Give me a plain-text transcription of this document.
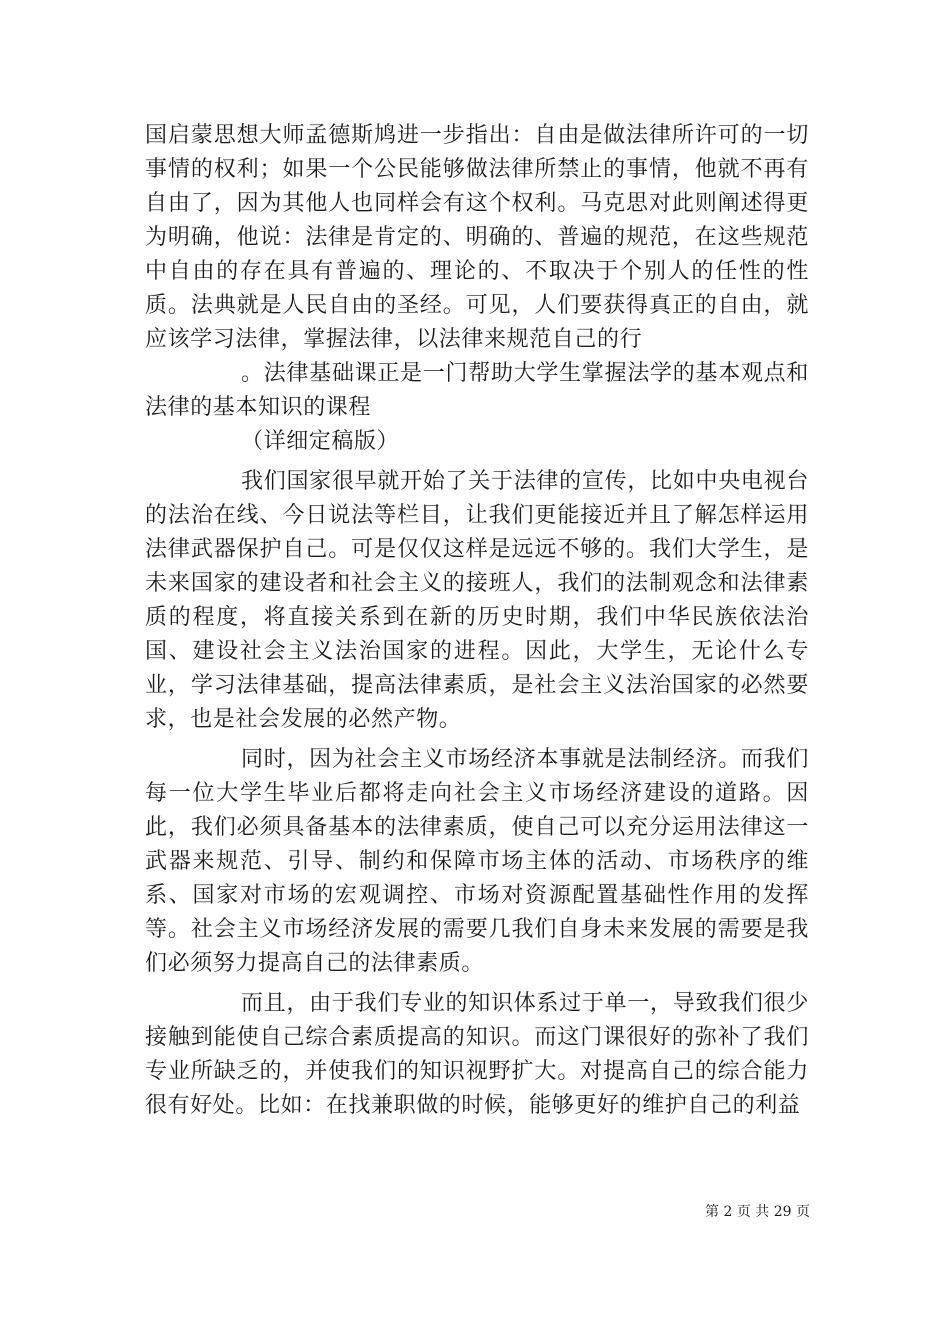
国启蒙思想大师孟德斯鸠进一步指出：自由是做法律所许可的一切事情的权利；如果一个公民能够做法律所禁止的事情，他就不再有自由了，因为其他人也同样会有这个权利。马克思对此则阐述得更为明确，他说：法律是肯定的、明确的、普遍的规范，在这些规范中自由的存在具有普遍的、理论的、不取决于个别人的任性的性质。法典就是人民自由的圣经。可见，人们要获得真正的自由，就应该学习法律，掌握法律，以法律来规范自己的行

。法律基础课正是一门帮助大学生掌握法学的基本观点和法律的基本知识的课程

（详细定稿版）

我们国家很早就开始了关于法律的宣传，比如中央电视台的法治在线、今日说法等栏目，让我们更能接近并且了解怎样运用法律武器保护自己。可是仅仅这样是远远不够的。我们大学生，是未来国家的建设者和社会主义的接班人，我们的法制观念和法律素质的程度，将直接关系到在新的历史时期，我们中华民族依法治国、建设社会主义法治国家的进程。因此，大学生，无论什么专业，学习法律基础，提高法律素质，是社会主义法治国家的必然要求，也是社会发展的必然产物。

同时，因为社会主义市场经济本事就是法制经济。而我们每一位大学生毕业后都将走向社会主义市场经济建设的道路。因此，我们必须具备基本的法律素质，使自己可以充分运用法律这一武器来规范、引导、制约和保障市场主体的活动、市场秩序的维系、国家对市场的宏观调控、市场对资源配置基础性作用的发挥等。社会主义市场经济发展的需要几我们自身未来发展的需要是我们必须努力提高自己的法律素质。

而且，由于我们专业的知识体系过于单一，导致我们很少接触到能使自己综合素质提高的知识。而这门课很好的弥补了我们专业所缺乏的，并使我们的知识视野扩大。对提高自己的综合能力很有好处。比如：在找兼职做的时候，能够更好的维护自己的利益

第 2 页 共 29 页
